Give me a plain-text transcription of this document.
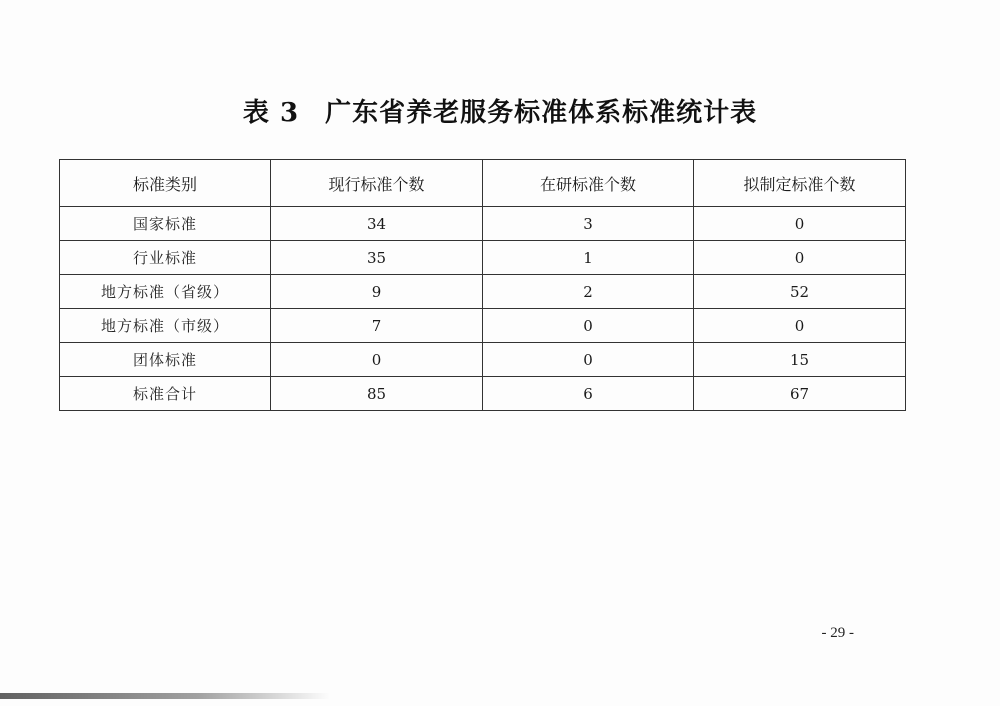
表 3 广东省养老服务标准体系标准统计表
标准类别	现行标准个数	在研标准个数	拟制定标准个数
国家标准	34	3	0
行业标准	35	1	0
地方标准（省级）	9	2	52
地方标准（市级）	7	0	0
团体标准	0	0	15
标准合计	85	6	67
- 29 -
